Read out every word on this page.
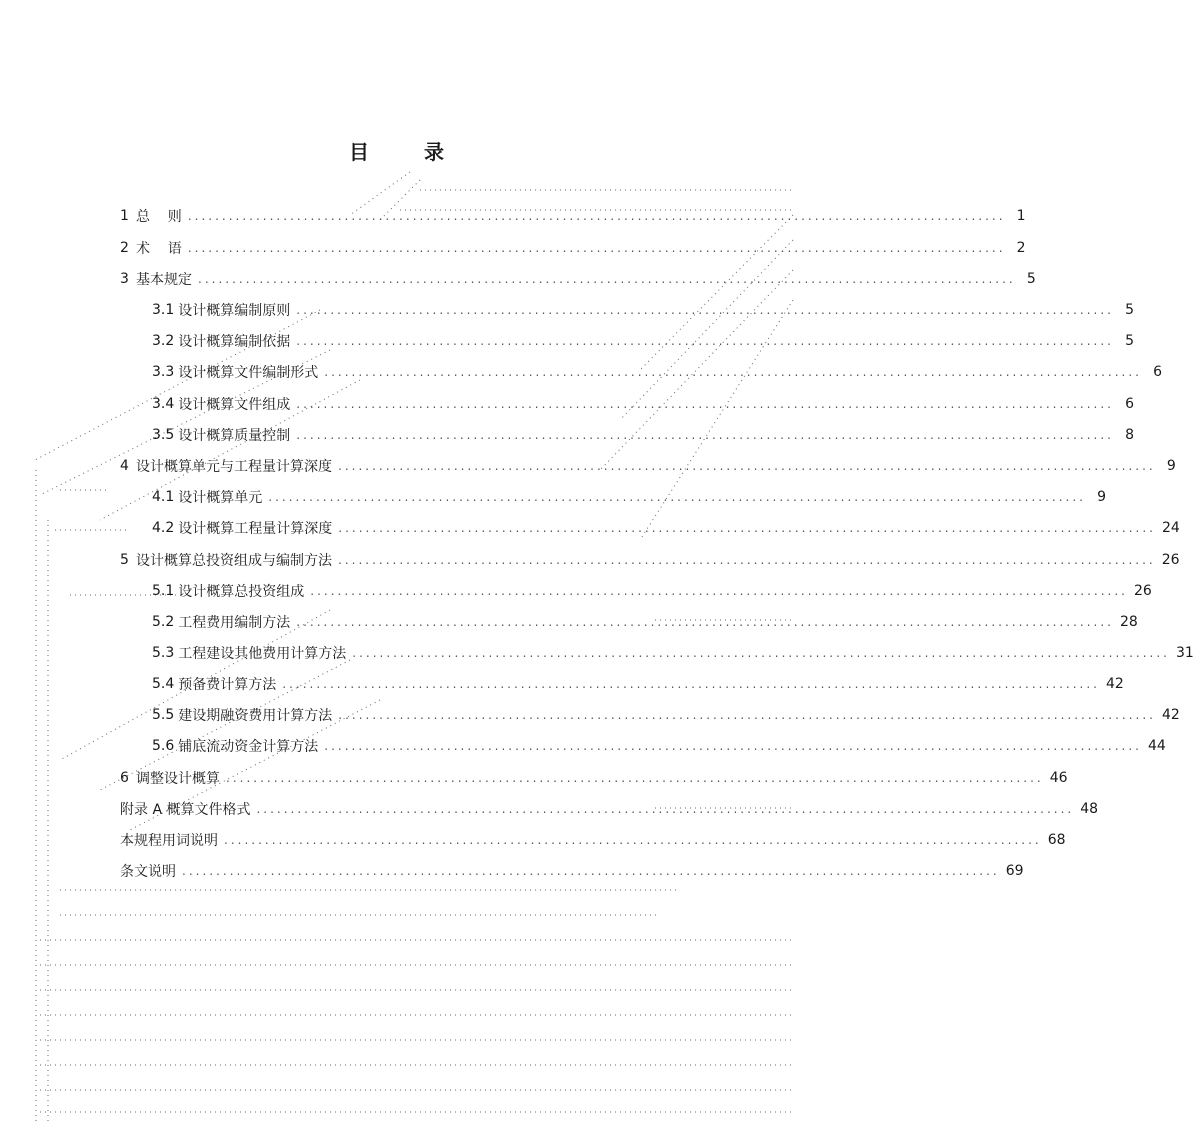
目 录
1 总    则 ........................................................................................................................ 1
2 术    语 ........................................................................................................................ 2
3 基本规定 ........................................................................................................................ 5
3.1 设计概算编制原则 ........................................................................................................................ 5
3.2 设计概算编制依据 ........................................................................................................................ 5
3.3 设计概算文件编制形式 ........................................................................................................................ 6
3.4 设计概算文件组成 ........................................................................................................................ 6
3.5 设计概算质量控制 ........................................................................................................................ 8
4 设计概算单元与工程量计算深度 ........................................................................................................................ 9
4.1 设计概算单元 ........................................................................................................................ 9
4.2 设计概算工程量计算深度 ........................................................................................................................ 24
5 设计概算总投资组成与编制方法 ........................................................................................................................ 26
5.1 设计概算总投资组成 ........................................................................................................................ 26
5.2 工程费用编制方法 ........................................................................................................................ 28
5.3 工程建设其他费用计算方法 ........................................................................................................................ 31
5.4 预备费计算方法 ........................................................................................................................ 42
5.5 建设期融资费用计算方法 ........................................................................................................................ 42
5.6 铺底流动资金计算方法 ........................................................................................................................ 44
6 调整设计概算 ........................................................................................................................ 46
附录 A 概算文件格式 ........................................................................................................................ 48
本规程用词说明 ........................................................................................................................ 68
条文说明 ........................................................................................................................ 69
